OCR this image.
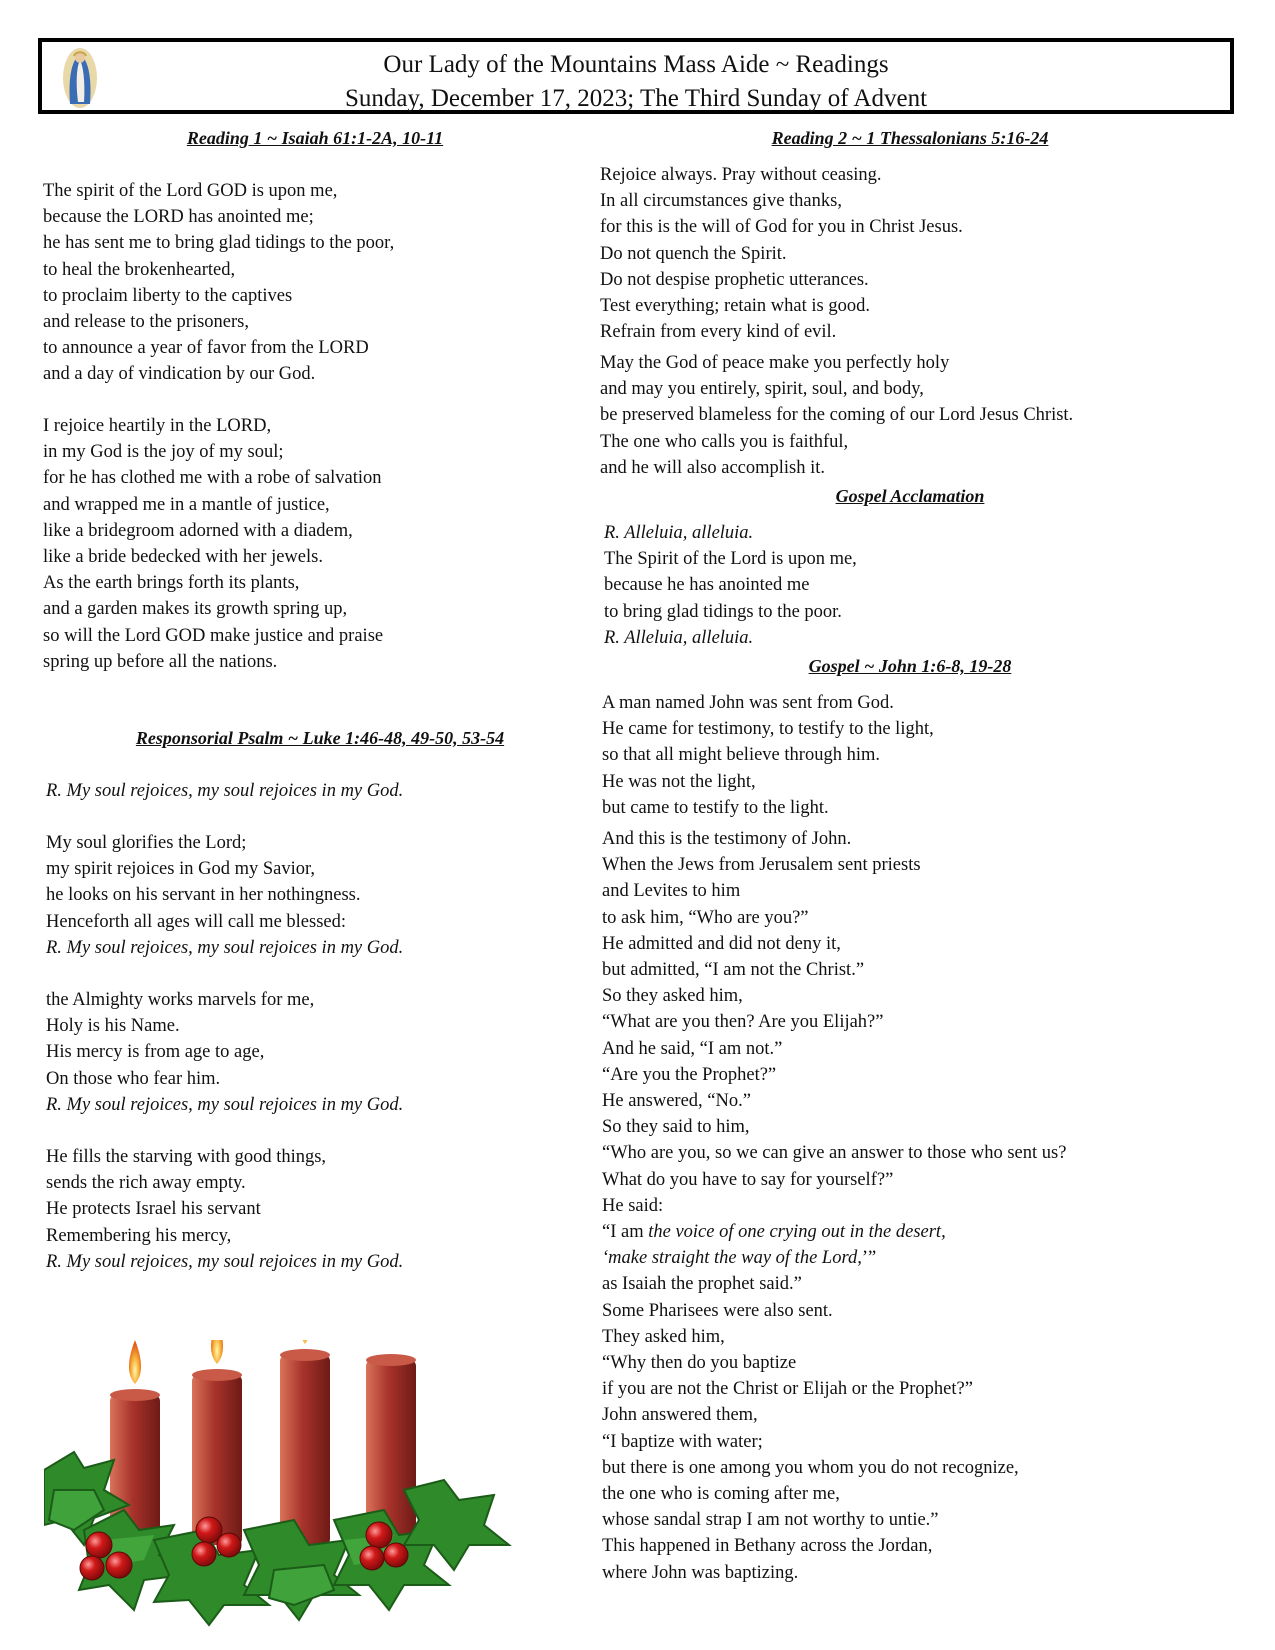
Our Lady of the Mountains Mass Aide ~ Readings
Sunday, December 17, 2023; The Third Sunday of Advent
Reading 1 ~ Isaiah 61:1-2A, 10-11
The spirit of the Lord GOD is upon me,
because the LORD has anointed me;
he has sent me to bring glad tidings to the poor,
to heal the brokenhearted,
to proclaim liberty to the captives
and release to the prisoners,
to announce a year of favor from the LORD
and a day of vindication by our God.
I rejoice heartily in the LORD,
in my God is the joy of my soul;
for he has clothed me with a robe of salvation
and wrapped me in a mantle of justice,
like a bridegroom adorned with a diadem,
like a bride bedecked with her jewels.
As the earth brings forth its plants,
and a garden makes its growth spring up,
so will the Lord GOD make justice and praise
spring up before all the nations.
Responsorial Psalm ~ Luke 1:46-48, 49-50, 53-54
R. My soul rejoices, my soul rejoices in my God.
My soul glorifies the Lord;
my spirit rejoices in God my Savior,
he looks on his servant in her nothingness.
Henceforth all ages will call me blessed:
R. My soul rejoices, my soul rejoices in my God.
the Almighty works marvels for me,
Holy is his Name.
His mercy is from age to age,
On those who fear him.
R. My soul rejoices, my soul rejoices in my God.
He fills the starving with good things,
sends the rich away empty.
He protects Israel his servant
Remembering his mercy,
R. My soul rejoices, my soul rejoices in my God.
Reading 2 ~ 1 Thessalonians 5:16-24
Rejoice always. Pray without ceasing.
In all circumstances give thanks,
for this is the will of God for you in Christ Jesus.
Do not quench the Spirit.
Do not despise prophetic utterances.
Test everything; retain what is good.
Refrain from every kind of evil.
May the God of peace make you perfectly holy
and may you entirely, spirit, soul, and body,
be preserved blameless for the coming of our Lord Jesus Christ.
The one who calls you is faithful,
and he will also accomplish it.
Gospel Acclamation
R. Alleluia, alleluia.
The Spirit of the Lord is upon me,
because he has anointed me
to bring glad tidings to the poor.
R. Alleluia, alleluia.
Gospel ~ John 1:6-8, 19-28
A man named John was sent from God.
He came for testimony, to testify to the light,
so that all might believe through him.
He was not the light,
but came to testify to the light.
And this is the testimony of John.
When the Jews from Jerusalem sent priests
and Levites to him
to ask him, “Who are you?”
He admitted and did not deny it,
but admitted, “I am not the Christ.”
So they asked him,
“What are you then? Are you Elijah?”
And he said, “I am not.”
“Are you the Prophet?”
He answered, “No.”
So they said to him,
“Who are you, so we can give an answer to those who sent us?
What do you have to say for yourself?”
He said:
“I am the voice of one crying out in the desert,
‘make straight the way of the Lord,’”
as Isaiah the prophet said.”
Some Pharisees were also sent.
They asked him,
“Why then do you baptize
if you are not the Christ or Elijah or the Prophet?”
John answered them,
“I baptize with water;
but there is one among you whom you do not recognize,
the one who is coming after me,
whose sandal strap I am not worthy to untie.”
This happened in Bethany across the Jordan,
where John was baptizing.
